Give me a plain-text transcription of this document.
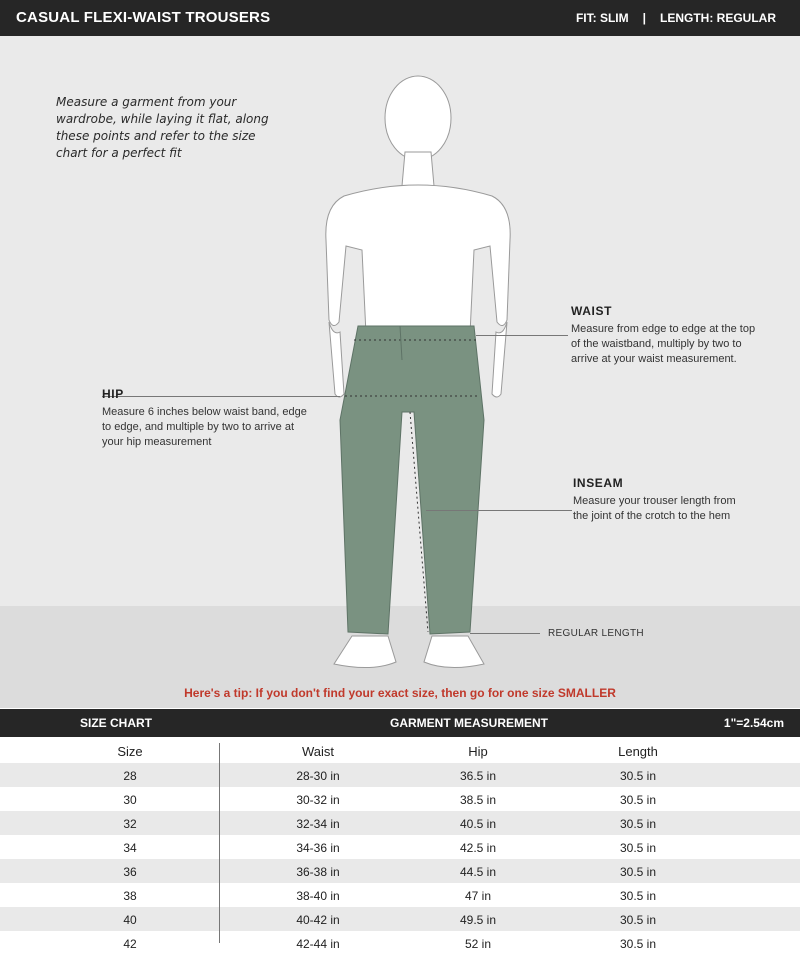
CASUAL FLEXI-WAIST TROUSERS	FIT: SLIM | LENGTH: REGULAR
Measure a garment from your wardrobe, while laying it flat, along these points and refer to the size chart for a perfect fit
WAIST
Measure from edge to edge at the top of the waistband, multiply by two to arrive at your waist measurement.
HIP
Measure 6 inches below waist band, edge to edge, and multiple by two to arrive at your hip measurement
INSEAM
Measure your trouser length from the joint of the crotch to the hem
REGULAR LENGTH
Here's a tip: If you don't find your exact size, then go for one size SMALLER
SIZE CHART	GARMENT MEASUREMENT	1"=2.54cm
Size	Waist	Hip	Length
28	28-30 in	36.5 in	30.5 in
30	30-32 in	38.5 in	30.5 in
32	32-34 in	40.5 in	30.5 in
34	34-36 in	42.5 in	30.5 in
36	36-38 in	44.5 in	30.5 in
38	38-40 in	47 in	30.5 in
40	40-42 in	49.5 in	30.5 in
42	42-44 in	52 in	30.5 in
